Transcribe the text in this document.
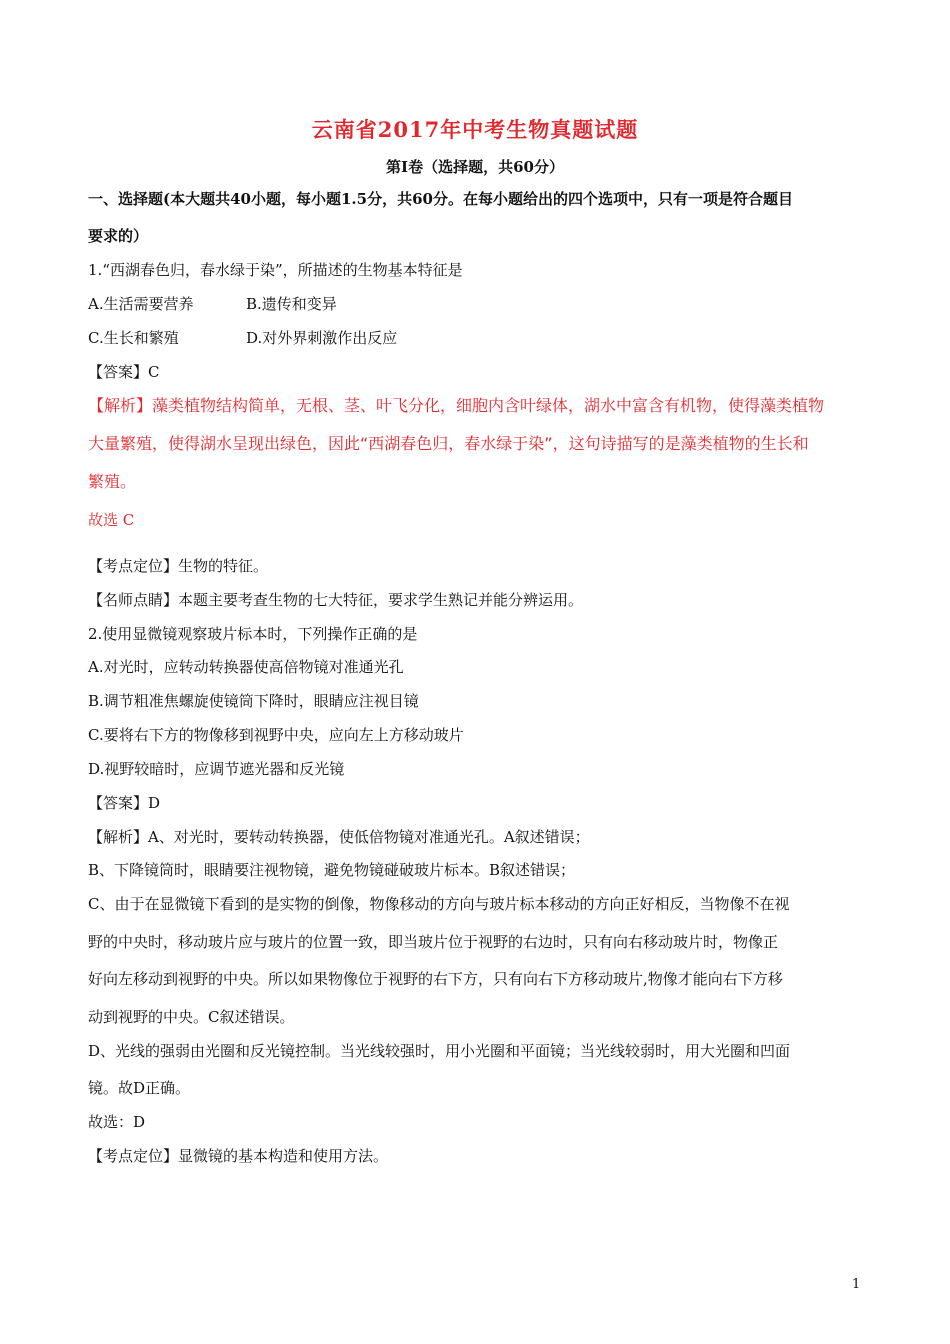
云南省2017年中考生物真题试题
第Ⅰ卷（选择题，共60分）
一、选择题(本大题共40小题，每小题1.5分，共60分。在每小题给出的四个选项中，只有一项是符合题目
要求的）
1.“西湖春色归，春水绿于染”，所描述的生物基本特征是
A.生活需要营养	B.遗传和变异
C.生长和繁殖	D.对外界刺激作出反应
【答案】C
【解析】藻类植物结构简单，无根、茎、叶飞分化，细胞内含叶绿体，湖水中富含有机物，使得藻类植物
大量繁殖，使得湖水呈现出绿色，因此“西湖春色归，春水绿于染”，这句诗描写的是藻类植物的生长和
繁殖。
故选 C
【考点定位】生物的特征。
【名师点睛】本题主要考查生物的七大特征，要求学生熟记并能分辨运用。
2.使用显微镜观察玻片标本时，下列操作正确的是
A.对光时，应转动转换器使高倍物镜对准通光孔
B.调节粗准焦螺旋使镜筒下降时，眼睛应注视目镜
C.要将右下方的物像移到视野中央，应向左上方移动玻片
D.视野较暗时，应调节遮光器和反光镜
【答案】D
【解析】A、对光时，要转动转换器，使低倍物镜对准通光孔。A叙述错误；
B、下降镜筒时，眼睛要注视物镜，避免物镜碰破玻片标本。B叙述错误；
C、由于在显微镜下看到的是实物的倒像，物像移动的方向与玻片标本移动的方向正好相反，当物像不在视
野的中央时，移动玻片应与玻片的位置一致，即当玻片位于视野的右边时，只有向右移动玻片时，物像正
好向左移动到视野的中央。所以如果物像位于视野的右下方，只有向右下方移动玻片,物像才能向右下方移
动到视野的中央。C叙述错误。
D、光线的强弱由光圈和反光镜控制。当光线较强时，用小光圈和平面镜；当光线较弱时，用大光圈和凹面
镜。故D正确。
故选：D
【考点定位】显微镜的基本构造和使用方法。
1
